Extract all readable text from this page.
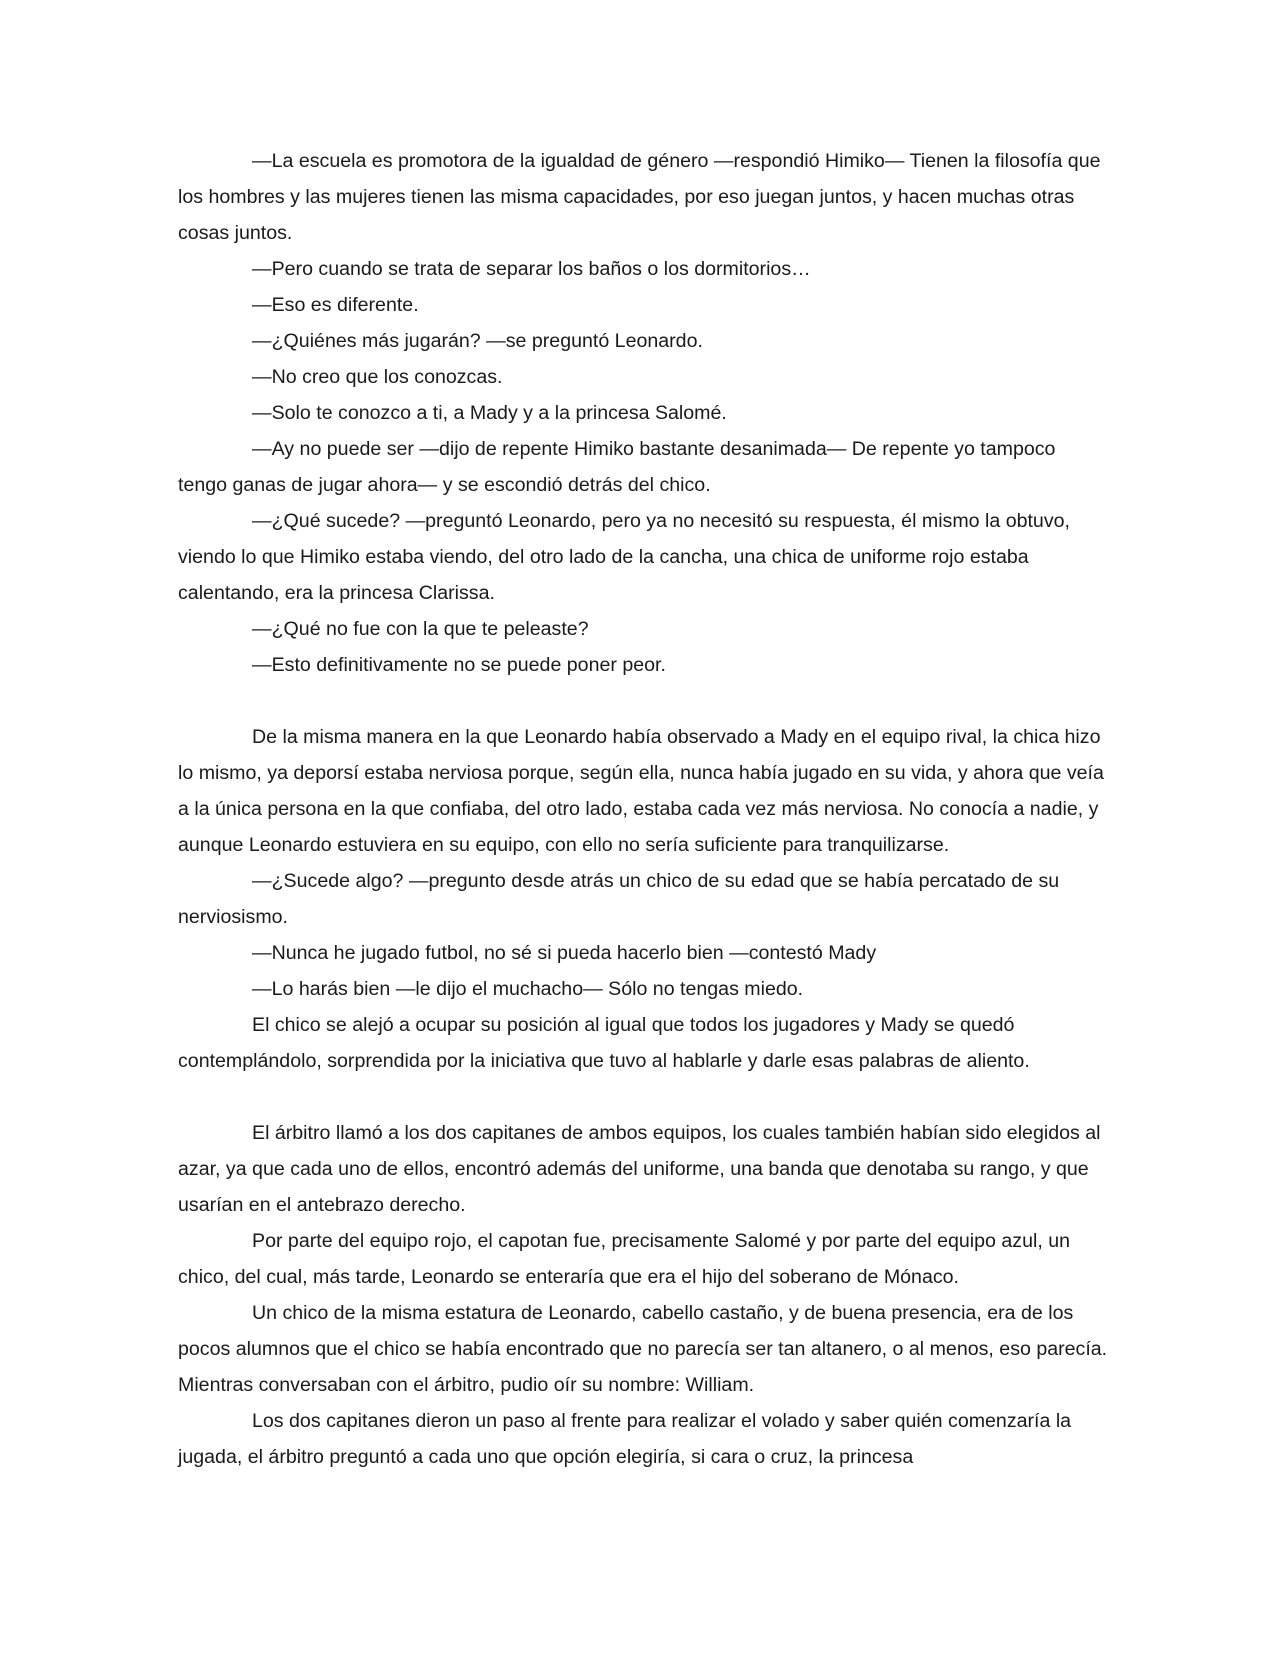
—La escuela es promotora de la igualdad de género —respondió Himiko— Tienen la filosofía que los hombres y las mujeres tienen las misma capacidades, por eso juegan juntos, y hacen muchas otras cosas juntos.

—Pero cuando se trata de separar los baños o los dormitorios…

—Eso es diferente.

—¿Quiénes más jugarán? —se preguntó Leonardo.

—No creo que los conozcas.

—Solo te conozco a ti, a Mady y a la princesa Salomé.

—Ay no puede ser —dijo de repente Himiko bastante desanimada— De repente yo tampoco tengo ganas de jugar ahora— y se escondió detrás del chico.

—¿Qué sucede? —preguntó Leonardo, pero ya no necesitó su respuesta, él mismo la obtuvo, viendo lo que Himiko estaba viendo, del otro lado de la cancha, una chica de uniforme rojo estaba calentando, era la princesa Clarissa.

—¿Qué no fue con la que te peleaste?

—Esto definitivamente no se puede poner peor.

De la misma manera en la que Leonardo había observado a Mady en el equipo rival, la chica hizo lo mismo, ya deporsí estaba nerviosa porque, según ella, nunca había jugado en su vida, y ahora que veía a la única persona en la que confiaba, del otro lado, estaba cada vez más nerviosa. No conocía a nadie, y aunque Leonardo estuviera en su equipo, con ello no sería suficiente para tranquilizarse.

—¿Sucede algo? —pregunto desde atrás un chico de su edad que se había percatado de su nerviosismo.

—Nunca he jugado futbol, no sé si pueda hacerlo bien —contestó Mady

—Lo harás bien —le dijo el muchacho— Sólo no tengas miedo.

El chico se alejó a ocupar su posición al igual que todos los jugadores y Mady se quedó contemplándolo, sorprendida por la iniciativa que tuvo al hablarle y darle esas palabras de aliento.

El árbitro llamó a los dos capitanes de ambos equipos, los cuales también habían sido elegidos al azar, ya que cada uno de ellos, encontró además del uniforme, una banda que denotaba su rango, y que usarían en el antebrazo derecho.

Por parte del equipo rojo, el capotan fue, precisamente Salomé y por parte del equipo azul, un chico, del cual, más tarde, Leonardo se enteraría que era el hijo del soberano de Mónaco.

Un chico de la misma estatura de Leonardo, cabello castaño, y de buena presencia, era de los pocos alumnos que el chico se había encontrado que no parecía ser tan altanero, o al menos, eso parecía. Mientras conversaban con el árbitro, pudio oír su nombre: William.

Los dos capitanes dieron un paso al frente para realizar el volado y saber quién comenzaría la jugada, el árbitro preguntó a cada uno que opción elegiría, si cara o cruz, la princesa
